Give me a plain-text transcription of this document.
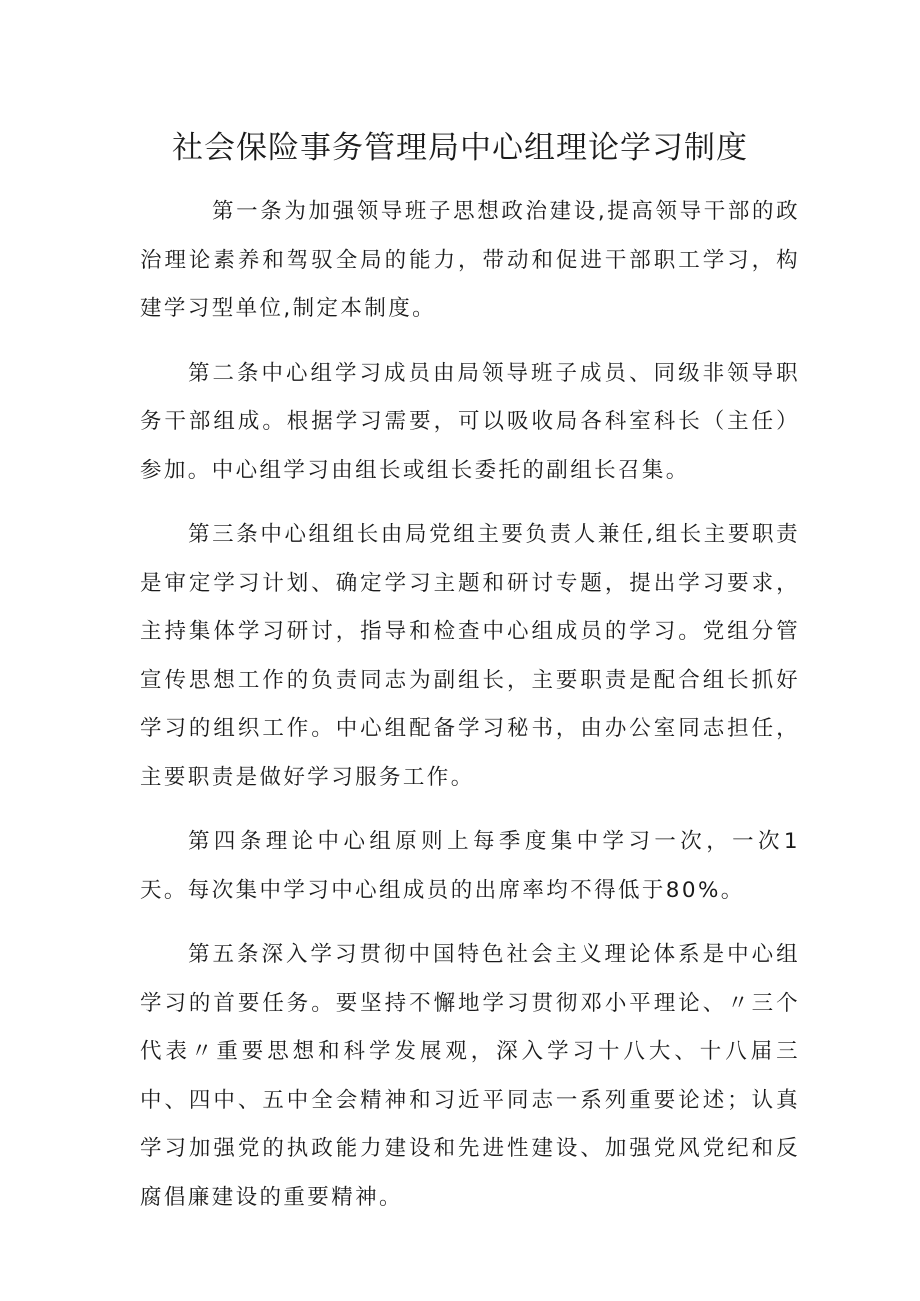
社会保险事务管理局中心组理论学习制度

第一条为加强领导班子思想政治建设,提高领导干部的政治理论素养和驾驭全局的能力，带动和促进干部职工学习，构建学习型单位,制定本制度。

第二条中心组学习成员由局领导班子成员、同级非领导职务干部组成。根据学习需要，可以吸收局各科室科长（主任）参加。中心组学习由组长或组长委托的副组长召集。

第三条中心组组长由局党组主要负责人兼任,组长主要职责是审定学习计划、确定学习主题和研讨专题，提出学习要求，主持集体学习研讨，指导和检查中心组成员的学习。党组分管宣传思想工作的负责同志为副组长，主要职责是配合组长抓好学习的组织工作。中心组配备学习秘书，由办公室同志担任，主要职责是做好学习服务工作。

第四条理论中心组原则上每季度集中学习一次，一次1天。每次集中学习中心组成员的出席率均不得低于80%。

第五条深入学习贯彻中国特色社会主义理论体系是中心组学习的首要任务。要坚持不懈地学习贯彻邓小平理论、〃三个代表〃重要思想和科学发展观，深入学习十八大、十八届三中、四中、五中全会精神和习近平同志一系列重要论述；认真学习加强党的执政能力建设和先进性建设、加强党风党纪和反腐倡廉建设的重要精神。
